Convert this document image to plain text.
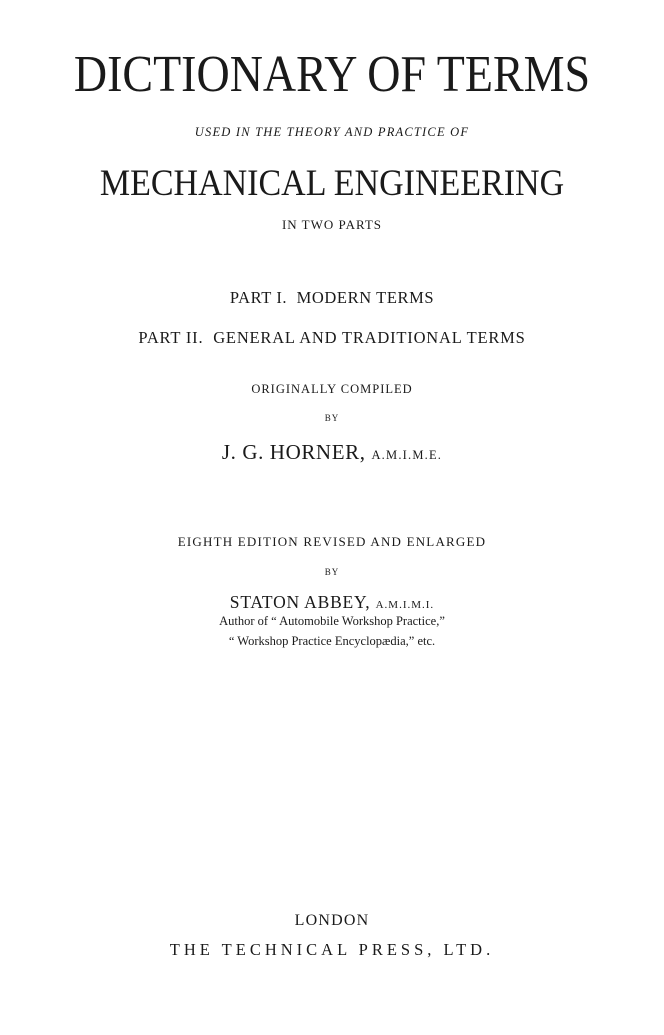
DICTIONARY OF TERMS
USED IN THE THEORY AND PRACTICE OF
MECHANICAL ENGINEERING
IN TWO PARTS
PART I.  MODERN TERMS
PART II.  GENERAL AND TRADITIONAL TERMS
ORIGINALLY COMPILED
BY
J. G. HORNER, A.M.I.M.E.
EIGHTH EDITION REVISED AND ENLARGED
BY
STATON ABBEY, A.M.I.M.I.
Author of “ Automobile Workshop Practice,”
“ Workshop Practice Encyclopædia,” etc.
LONDON
THE TECHNICAL PRESS, LTD.
